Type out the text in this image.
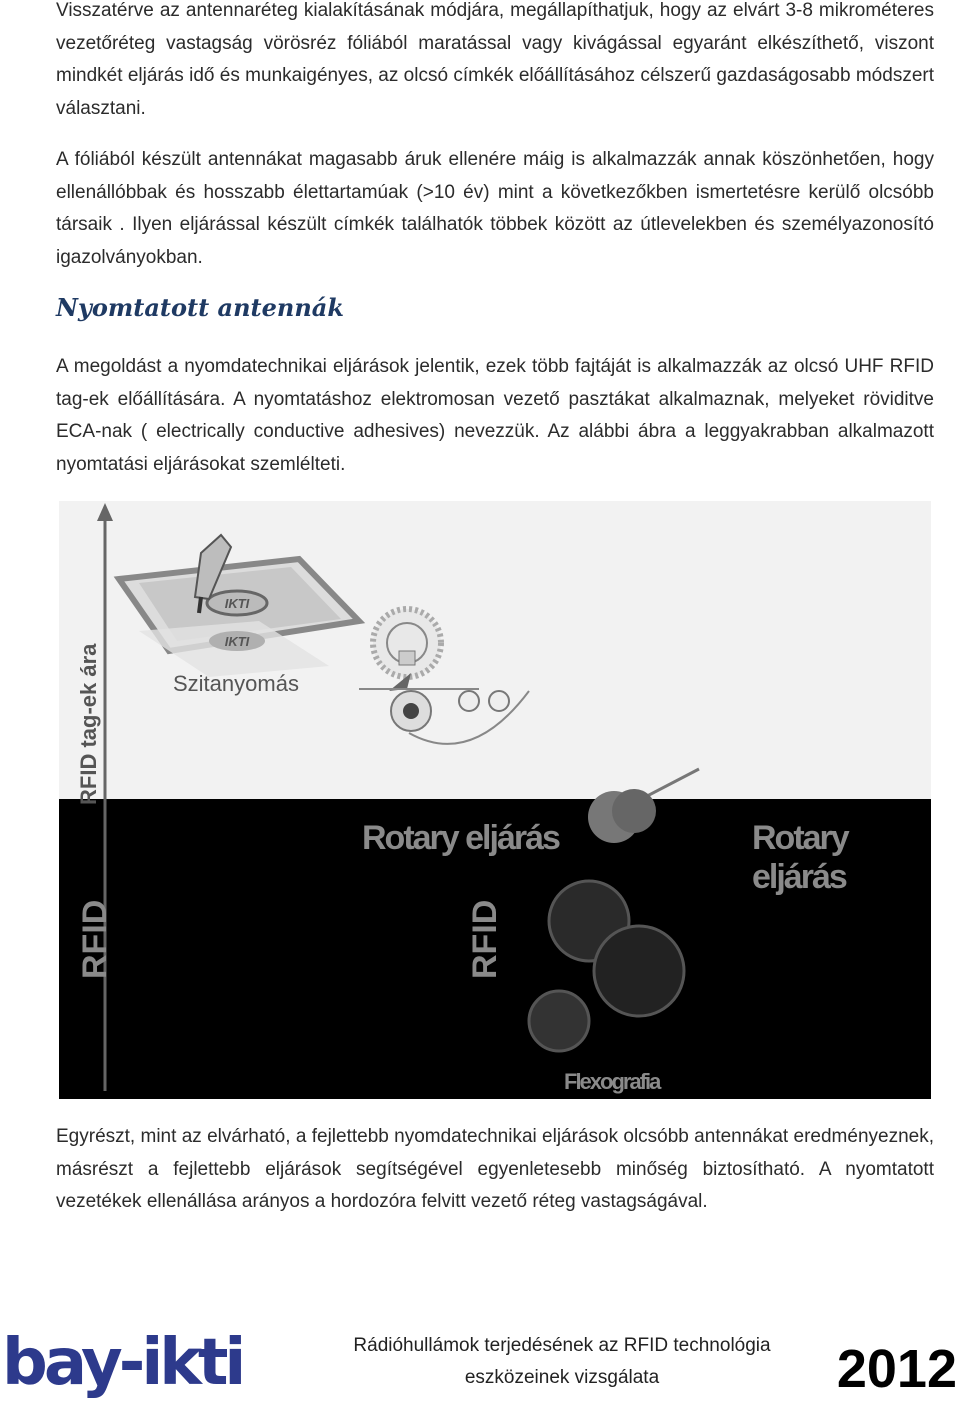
Visszatérve az antennaréteg kialakításának módjára, megállapíthatjuk, hogy az elvárt 3-8 mikrométeres vezetőréteg vastagság vörösréz fóliából maratással vagy kivágással egyaránt elkészíthető, viszont mindkét eljárás idő és munkaigényes, az olcsó címkék előállításához célszerű gazdaságosabb módszert választani.

A fóliából készült antennákat magasabb áruk ellenére máig is alkalmazzák annak köszönhetően, hogy ellenállóbbak és hosszabb élettartamúak (>10 év) mint a következőkben ismertetésre kerülő olcsóbb társaik . Ilyen eljárással készült címkék találhatók többek között az útlevelekben és személyazonosító igazolványokban.

Nyomtatott antennák

A megoldást a nyomdatechnikai eljárások jelentik, ezek több fajtáját is alkalmazzák az olcsó UHF RFID tag-ek előállítására. A nyomtatáshoz elektromosan vezető pasztákat alkalmaznak, melyeket röviditve ECA-nak ( electrically conductive adhesives) nevezzük. Az alábbi ábra a leggyakrabban alkalmazott nyomtatási eljárásokat szemlélteti.

IKTI
IKTI
Szitanyomás
RFID tag-ek ára
RFID	RFID
Rotary eljárás	Rotary eljárás
Flexografia

Egyrészt, mint az elvárható, a fejlettebb nyomdatechnikai eljárások olcsóbb antennákat eredményeznek, másrészt a fejlettebb eljárások segítségével egyenletesebb minőség biztosítható. A nyomtatott vezetékek ellenállása arányos a hordozóra felvitt vezető réteg vastagságával.

bay-ikti	Rádióhullámok terjedésének az RFID technológia
eszközeinek vizsgálata	2012
